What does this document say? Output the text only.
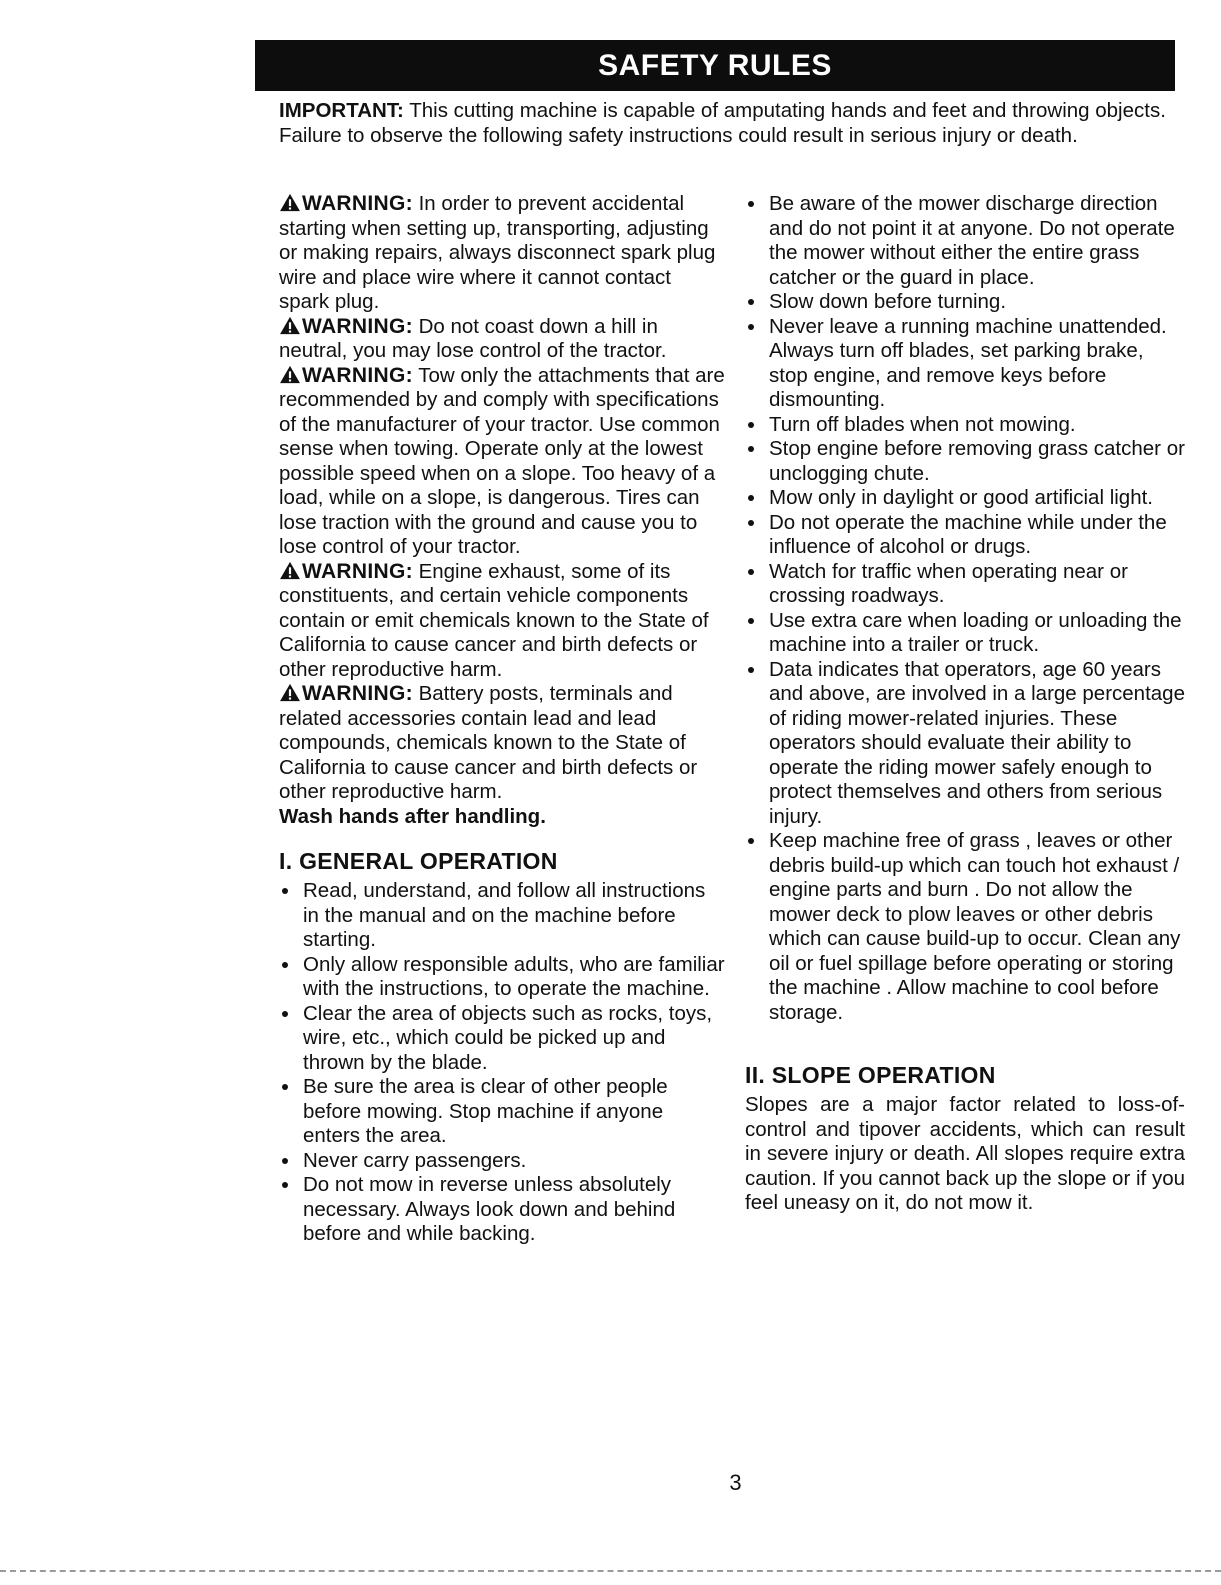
SAFETY RULES

IMPORTANT: This cutting machine is capable of amputating hands and feet and throwing objects. Failure to observe the following safety instructions could result in serious injury or death.

WARNING: In order to prevent accidental starting when setting up, transporting, adjusting or making repairs, always disconnect spark plug wire and place wire where it cannot contact spark plug.

WARNING: Do not coast down a hill in neutral, you may lose control of the tractor.

WARNING: Tow only the attachments that are recommended by and comply with specifications of the manufacturer of your tractor. Use common sense when towing. Operate only at the lowest possible speed when on a slope. Too heavy of a load, while on a slope, is dangerous. Tires can lose traction with the ground and cause you to lose control of your tractor.

WARNING: Engine exhaust, some of its constituents, and certain vehicle components contain or emit chemicals known to the State of California to cause cancer and birth defects or other reproductive harm.

WARNING: Battery posts, terminals and related accessories contain lead and lead compounds, chemicals known to the State of California to cause cancer and birth defects or other reproductive harm.

Wash hands after handling.

I. GENERAL OPERATION
Read, understand, and follow all instructions in the manual and on the machine before starting.
Only allow responsible adults, who are familiar with the instructions, to operate the machine.
Clear the area of objects such as rocks, toys, wire, etc., which could be picked up and thrown by the blade.
Be sure the area is clear of other people before mowing. Stop machine if anyone enters the area.
Never carry passengers.
Do not mow in reverse unless absolutely necessary. Always look down and behind before and while backing.
Be aware of the mower discharge direction and do not point it at anyone. Do not operate the mower without either the entire grass catcher or the guard in place.
Slow down before turning.
Never leave a running machine unattended. Always turn off blades, set parking brake, stop engine, and remove keys before dismounting.
Turn off blades when not mowing.
Stop engine before removing grass catcher or unclogging chute.
Mow only in daylight or good artificial light.
Do not operate the machine while under the influence of alcohol or drugs.
Watch for traffic when operating near or crossing roadways.
Use extra care when loading or unloading the machine into a trailer or truck.
Data indicates that operators, age 60 years and above, are involved in a large percentage of riding mower-related injuries. These operators should evaluate their ability to operate the riding mower safely enough to protect themselves and others from serious injury.
Keep machine free of grass , leaves or other debris build-up which can touch hot exhaust / engine parts and burn . Do not allow the mower deck to plow leaves or other debris which can cause build-up to occur. Clean any oil or fuel spillage before operating or storing the machine . Allow machine to cool before storage.
II. SLOPE OPERATION

Slopes are a major factor related to loss-of-control and tipover accidents, which can result in severe injury or death. All slopes require extra caution. If you cannot back up the slope or if you feel uneasy on it, do not mow it.

3
